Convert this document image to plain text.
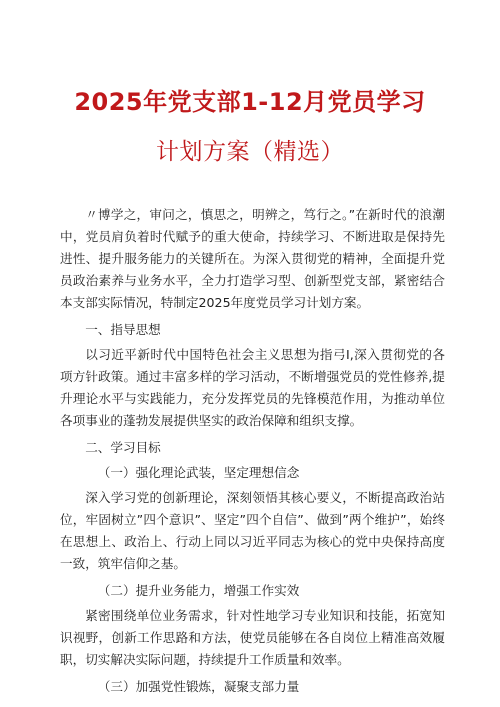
2025年党支部1-12月党员学习
计划方案（精选）

〃博学之，审问之，慎思之，明辨之，笃行之。”在新时代的浪潮中，党员肩负着时代赋予的重大使命，持续学习、不断进取是保持先进性、提升服务能力的关键所在。为深入贯彻党的精神，全面提升党员政治素养与业务水平，全力打造学习型、创新型党支部，紧密结合本支部实际情况，特制定2025年度党员学习计划方案。

一、指导思想

以习近平新时代中国特色社会主义思想为指弓I,深入贯彻党的各项方针政策。通过丰富多样的学习活动，不断增强党员的党性修养,提升理论水平与实践能力，充分发挥党员的先锋模范作用，为推动单位各项事业的蓬勃发展提供坚实的政治保障和组织支撑。

二、学习目标

（一）强化理论武装，坚定理想信念

深入学习党的创新理论，深刻领悟其核心要义，不断提高政治站位，牢固树立”四个意识”、坚定”四个自信”、做到”两个维护”，始终在思想上、政治上、行动上同以习近平同志为核心的党中央保持高度一致，筑牢信仰之基。

（二）提升业务能力，增强工作实效

紧密围绕单位业务需求，针对性地学习专业知识和技能，拓宽知识视野，创新工作思路和方法，使党员能够在各自岗位上精准高效履职，切实解决实际问题，持续提升工作质量和效率。

（三）加强党性锻炼，凝聚支部力量
